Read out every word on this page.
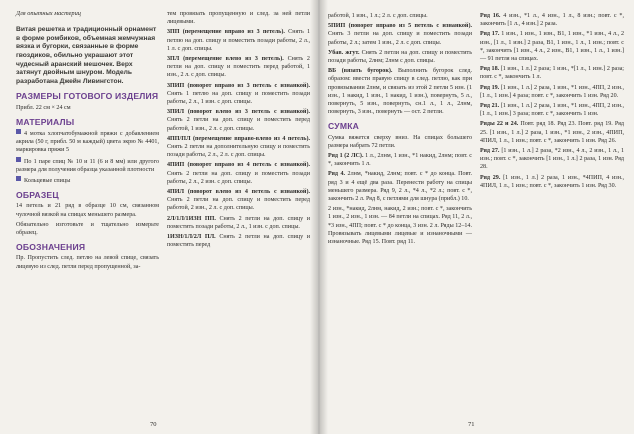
Для опытных мастериц
Витая решетка и традиционный орнамент в форме ромбиков, объемная жемчужная вязка и бугорки, связанные в форме гвоздиков, обильно украшают этот чудесный аранский мешочек. Верх затянут двойным шнуром. Модель разработана Джейн Ливингстон.
РАЗМЕРЫ ГОТОВОГО ИЗДЕЛИЯ

Прибл. 22 см × 24 см

МАТЕРИАЛЫ

4 мотка хлопчатобумажной пряжи с добавлением акрила (50 г, прибл. 50 м каждый) цвета экрю № 4401, маркировка пряжи 5

По 1 паре спиц № 10 и 11 (6 и 8 мм) или другого размера для получения образца указанной плотности

Кольцевые спицы

ОБРАЗЕЦ

14 петель и 21 ряд в образце 10 см, связанном чулочной вязкой на спицах меньшего размера.

Обязательно изготовьте и тщательно измерьте образец.

ОБОЗНАЧЕНИЯ

Пр. Пропустить след. петлю на левой спице, связать лицевую из след. петли перед пропущенной, за-

тем провязать пропущенную и след. за ней петли лицевыми.

3ПП (перемещение вправо из 3 петель). Снять 1 петлю на доп. спицу и поместить позади работы, 2 л., 1 л. с доп. спицы.

3ПЛ (перемещение влево из 3 петель). Снять 2 петли на доп. спицу и поместить перед работой, 1 изн., 2 л. с доп. спицы.

3ПИП (поворот вправо из 3 петель с изнанкой). Снять 1 петлю на доп. спицу и поместить позади работы, 2 л., 1 изн. с доп. спицы.

3ПИЛ (поворот влево из 3 петель с изнанкой). Снять 2 петли на доп. спицу и поместить перед работой, 1 изн., 2 л. с доп. спицы.

4ПП/ПЛ (перемещение вправо-влево из 4 петель). Снять 2 петли на дополнительную спицу и поместить позади работы, 2 л., 2 л. с доп. спицы.

4ПИП (поворот вправо из 4 петель с изнанкой). Снять 2 петли на доп. спицу и поместить позади работы, 2 л., 2 изн. с доп. спицы.

4ПИЛ (поворот влево из 4 петель с изнанкой). Снять 2 петли на доп. спицу и поместить перед работой, 2 изн., 2 л. с доп. спицы.

2Л/1Л/1ИЗН ПП. Снять 2 петли на доп. спицу и поместить позади работы, 2 л., 1 изн. с доп. спицы.

1ИЗН/1Л/2Л ПЛ. Снять 2 петли на доп. спицу и поместить перед

70

работой, 1 изн., 1 л.; 2 л. с доп. спицы.

5ПИП (поворот вправо из 5 петель с изнанкой). Снять 3 петли на доп. спицу и поместить позади работы, 2 л.; затем 1 изн., 2 л. с доп. спицы.

Убав. жгут. Снять 2 петли на доп. спицу и поместить позади работы, 2лнм; 2лнм с доп. спицы.

ВБ (вязать бугорок). Выполнить бугорок след. образом: ввести правую спицу в след. петлю, как при провязывании 2лнм, и связать из этой 2 петли 5 изн. (1 изн., 1 накид, 1 изн., 1 накид, 1 изн.), повернуть, 5 л., повернуть, 5 изн., повернуть, сн.1 л., 1 л., 2лнм, повернуть, 3 изн., повернуть — ост. 2 петли.

СУМКА

Сумка вяжется сверху вниз. На спицах большего размера набрать 72 петли.

Ряд 1 (2 ЛС). 1 л., 2лнм, 1 изн., *1 накид, 2лнм; повт. с *, закончить 1 л.

Ряд 4. 2лнм, *накид, 2лнм; повт. с * до конца. Повт. ряд 3 и 4 ещё два раза. Перенести работу на спицы меньшего размера. Ряд 9, 2 л., *4 л., *2 л.; повт. с *, закончить 2 л. Ряд 8, с петлями для шнура (прибл.) 10.

2 изн., *накид, 2лнм, накид, 2 изн.; повт. с *, закончить 1 изн., 2 изн., 1 изн. — 84 петли на спицах. Ряд 11, 2 л., *3 изн., 4ПП; повт. с * до конца, 3 изн. 2 л. Ряды 12–14. Провязывать лицевыми лицевые и изнаночными — изнаночные. Ряд 15. Повт. ряд 11.

Ряд 16. 4 изн., *1 л., 4 изн., 1 л., 8 изн.; повт. с *, закончить [1 л., 4 изн.] 2 раза.

Ряд 17. 1 изн., 1 изн., 1 изн., В1, 1 изн., *1 изн., 4 л., 2 изн., [1 л., 1 изн.] 2 раза, В1, 1 изн., 1 л., 1 изн.; повт. с *, закончить [1 изн., 4 л., 2 изн., В1, 1 изн., 1 л., 1 изн.] — 91 петля на спицах.

Ряд 18. [1 изн., 1 л.] 2 раза; 1 изн., *[1 л., 1 изн.] 2 раза; повт. с *, закончить 1 л.

Ряд 19. [1 изн., 1 л.] 2 раза, 1 изн., *1 изн., 4ПП, 2 изн., [1 л., 1 изн.] 4 раза; повт. с *, закончить 1 изн. Ряд 20.

Ряд 21. [1 изн., 1 л.] 2 раза, 1 изн., *1 изн., 4ПП, 2 изн., [1 л., 1 изн.] 3 раза; повт. с *, закончить 1 изн.

Ряды 22 и 24. Повт. ряд 18. Ряд 23. Повт. ряд 19. Ряд 25. [1 изн., 1 л.] 2 раза, 1 изн., *1 изн., 2 изн., 4ПИП, 4ПИЛ, 1 л., 1 изн.; повт. с *, закончить 1 изн. Ряд 26.

Ряд 27. [1 изн., 1 л.] 2 раза, *2 изн., 4 л., 2 изн., 1 л., 1 изн.; повт. с *, закончить [1 изн., 1 л.] 2 раза, 1 изн. Ряд 28.

Ряд 29. [1 изн., 1 л.] 2 раза, 1 изн., *4ПИП, 4 изн., 4ПИЛ, 1 л., 1 изн.; повт. с *, закончить 1 изн. Ряд 30.

71
